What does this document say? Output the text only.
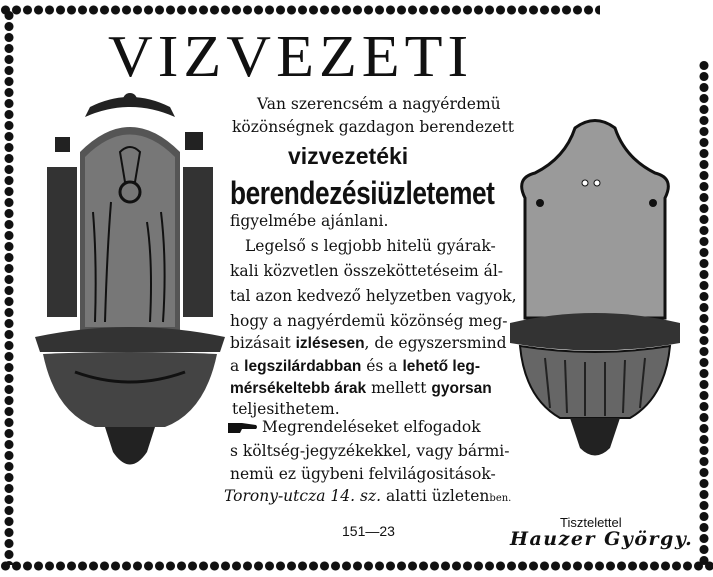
VIZVEZETI
Van szerencsém a nagyérdemü
közönségnek gazdagon berendezett
vizvezetéki
berendezésiüzletemet
figyelmébe ajánlani.
Legelső s legjobb hitelü gyárak-
kali közvetlen összeköttetéseim ál-
tal azon kedvező helyzetben vagyok,
hogy a nagyérdemü közönség meg-
bizásait izlésesen, de egyszersmind
a legszilárdabban és a lehető leg-
mérsékeltebb árak mellett gyorsan
teljesithetem.
Megrendeléseket elfogadok
s költség-jegyzékekkel, vagy bármi-
nemü ez ügybeni felvilágositások-
Torony-utcza 14. sz. alatti üzletenben.
151—23
Tisztelettel
Hauzer György.
